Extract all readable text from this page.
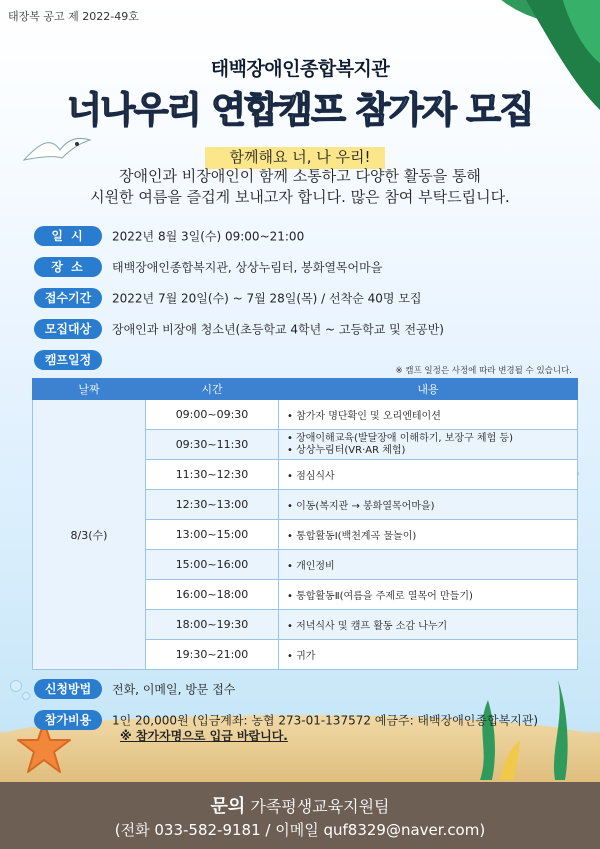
태장복 공고 제 2022-49호
태백장애인종합복지관
너나우리 연합캠프 참가자 모집
함께해요 너, 나 우리!
장애인과 비장애인이 함께 소통하고 다양한 활동을 통해
시원한 여름을 즐겁게 보내고자 합니다. 많은 참여 부탁드립니다.
일 시 2022년 8월 3일(수) 09:00~21:00
장 소 태백장애인종합복지관, 상상누림터, 봉화열목어마을
접수기간 2022년 7월 20일(수) ~ 7월 28일(목) / 선착순 40명 모집
모집대상 장애인과 비장애 청소년(초등학교 4학년 ~ 고등학교 및 전공반)
캠프일정
※ 캠프 일정은 사정에 따라 변경될 수 있습니다.
날짜	시간	내용
8/3(수)	09:00~09:30	• 참가자 명단확인 및 오리엔테이션
	09:30~11:30	• 장애이해교육(발달장애 이해하기, 보장구 체험 등)
• 상상누림터(VR·AR 체험)

	11:30~12:30	• 점심식사
	12:30~13:00	• 이동(복지관 → 봉화열목어마을)
	13:00~15:00	• 통합활동Ⅰ(백천계곡 물놀이)
	15:00~16:00	• 개인정비
	16:00~18:00	• 통합활동Ⅱ(여름을 주제로 열목어 만들기)
	18:00~19:30	• 저녁식사 및 캠프 활동 소감 나누기
	19:30~21:00	• 귀가
신청방법 전화, 이메일, 방문 접수
참가비용 1인 20,000원 (입금계좌: 농협 273-01-137572 예금주: 태백장애인종합복지관)
※ 참가자명으로 입금 바랍니다.
문의 가족평생교육지원팀
(전화 033-582-9181 / 이메일 quf8329@naver.com)
